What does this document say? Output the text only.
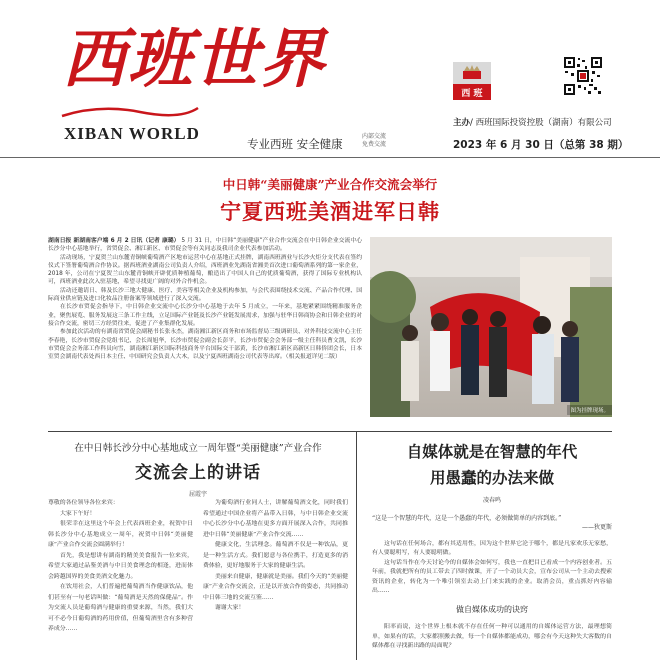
西班世界
XIBAN WORLD
专业西班 安全健康
内部交流
免费交流
西 班
主办/ 西班国际投资控股（湖南）有限公司
2023 年 6 月 30 日（总第 38 期）
中日韩“美丽健康”产业合作交流会举行
宁夏西班美酒进军日韩

湖南日报 新湖南客户端 6 月 2 日讯（记者 康璐） 5 月 31 日，中日韩“美丽健康”产业合作交流会在中日韩企业交流中心长沙分中心基地举行，省贸促会、湘江新区、市贸促会等有关同志及我司企业代表参加活动。

活动现场，宁夏贺兰山东麓青铜峡葡萄酒产区地市运营中心在基地正式挂牌，湖南西班酒业与长沙火炬分支代表在签约仪式下签署葡萄酒合作协议。据西班酒业湖南公司负责人介绍，西班酒业先湖南省湘美首次进口葡萄酒系列的第一家企业，2018 年，公司在宁夏贺兰山东麓青铜峡开辟优质种植葡萄，酿造出了中国人自己的优质葡萄酒，获得了国际专业机构认可，西班酒业此次入驻基地，希望寻找更广阔的对外合作机会。

活动还邀请日、韩及长沙三地大健康、医疗、美容等相关企业及机构参加，与会代表围绕技术交流、产品合作代理、国际商业供应链及进口化妆品注册备案等领域进行了深入交流。

在长沙市贸促会指导下，中日韩企业交流中心长沙分中心基地于去年 5 月成立，一年来，基地紧紧围绕精准服务企业，聚焦展览、服务发展这三条工作主线，立足国际产业链及长沙产业链发展需求，加强与驻华日韩商协会和日韩企业的对接合作交流，密切三方经贸往来，促进了产业集群化发展。

参加此次活动的有湖南省贸促会副秘书长张永杰，湖南湘江新区商务和市场监督局三级调研员、对外科技交流中心主任李春艳，长沙市贸促会党组书记、会长周旭华，长沙市贸促会副会长彭平，长沙市贸促会会务部一级主任科员曹文凯，长沙市贸促会会务部工作科员向雪，湖南湘江新区国际科技商务平台国际交干部黄，长沙市湘江新区高新区日韩侨团会长，日本室贸会湖南代表处西日本主任、中国研究会负责人大木，以及宁夏西班湖南公司代表等出席。（相关报道详见二版）

图为挂牌现场。
在中日韩长沙分中心基地成立一周年暨“美丽健康”产业合作
交流会上的讲话
屈霞宇

尊敬的各位领导各位来宾：

大家下午好！

很荣幸在这里这个年会上代表西班企业，祝贺中日韩长沙分中心基地成立一周年，祝贺中日韩“美丽健康”产业合作交流会圆满举行！

首先，我是想讲有湖南的精美美食报告一位来宾，希望大家通过品鉴美酒与中日美食理念的相逢，进而体会跨越国界的美食美酒文化魅力。

在饮用社会，人们普遍把葡萄酒当作健康饮品，他们甚至有一句老话叫做：“葡萄酒是天然的保健品”。作为交流人员是葡萄酒与健康的重要来源，当然，我们大可不必今日葡萄酒的药用价值，但葡萄酒里含有多种营养成分……

为葡萄酒行业同人士，讲解葡萄酒文化，同时我们希望通过中国企业将产品带入日韩，与中日韩企业交流中心长沙分中心基地在更多方面开展深入合作，共同推进中日韩“美丽健康”产业合作交流……

健康文化，生活理念。葡萄酒不仅是一种饮品，更是一种生活方式。我们愿意与各位携手，打造更多的消费体验，更好地服务于大家的健康生活。

美丽来自健康，健康就是美丽。我们今天的“美丽健康”产业合作交流会，正是以开放合作的姿态，共同推动中日韩三地的交流互鉴……

谢谢大家！

自媒体就是在智慧的年代
用愚蠢的办法来做
凌春鸣
“这是一个智慧的年代，这是一个愚蠢的年代，必须做简单的内容到底。”
——狄更斯

这句话在任何场合，都有其适用性，因为这个世界它沦于哪个，都是凡家欢乐无家愁，有人要聪明写，有人要聪明做。

这句话当作在今天讨论今的自媒体会如何写，我也一直把目已看成一个内容创业者。五年前，我就把所有的员工带去了四时做课，开了一个动员大会，宣布公司从一个主动去搜索资讯的企业，转化为一个唯引领室去动上门来实践的企业。取消会员，重点抓好内容输出……

做自媒体成功的诀窍

阳率而说，这个世界上根本就不存在任何一种可以通用的自媒体运营方法，最理想简单，如果有的话，大家都照搬去做，每一个自媒体都能成功，哪会有今天这种失大客数的自媒体都在寻找新出路的局面呢？
